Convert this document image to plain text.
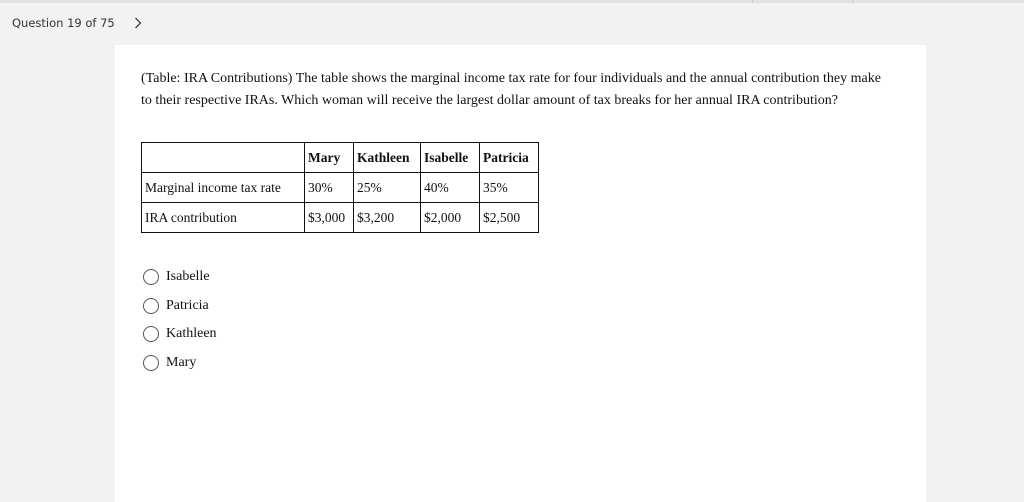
Question 19 of 75

(Table: IRA Contributions) The table shows the marginal income tax rate for four individuals and the annual contribution they make to their respective IRAs. Which woman will receive the largest dollar amount of tax breaks for her annual IRA contribution?

	Mary	Kathleen	Isabelle	Patricia
Marginal income tax rate	30%	25%	40%	35%
IRA contribution	$3,000	$3,200	$2,000	$2,500
Isabelle
Patricia
Kathleen
Mary
